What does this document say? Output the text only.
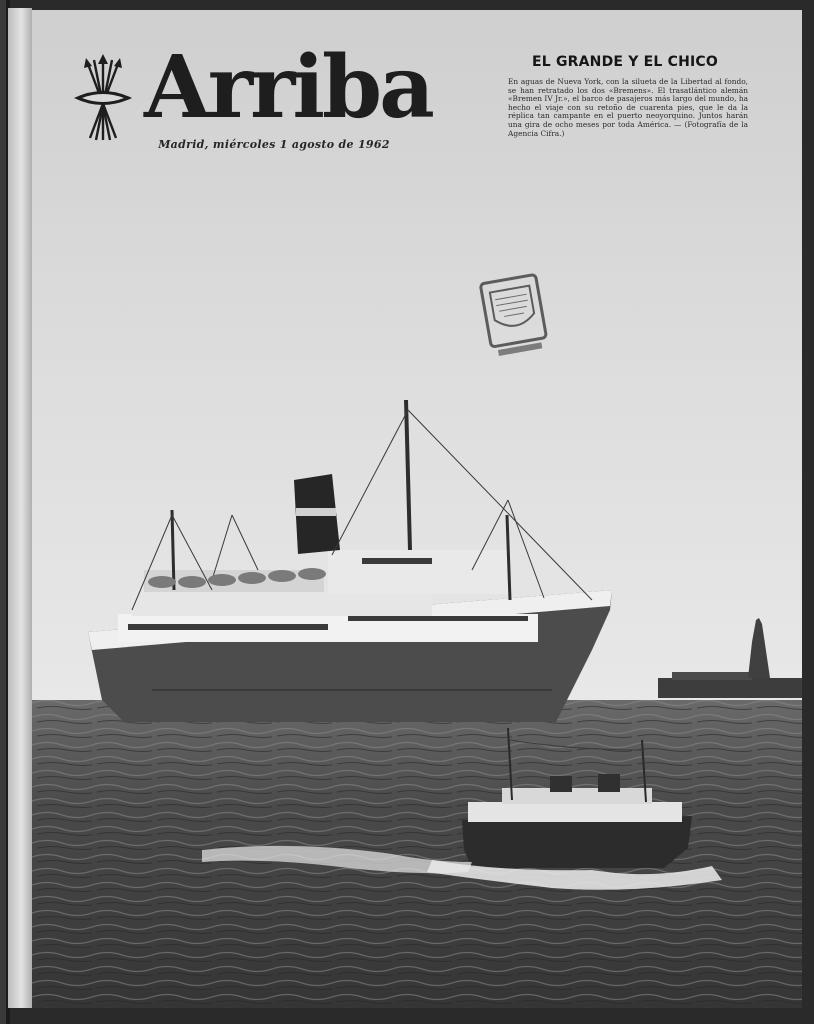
Arriba
Madrid, miércoles 1 agosto de 1962
EL GRANDE Y EL CHICO
En aguas de Nueva York, con la silueta de la Libertad al fondo, se han retratado los dos «Bremens». El trasatlántico alemán «Bremen IV Jr.», el barco de pasajeros más largo del mundo, ha hecho el viaje con su retoño de cuarenta pies, que le da la réplica tan campante en el puerto neoyorquino. Juntos harán una gira de ocho meses por toda América. — (Fotografía de la Agencia Cifra.)
